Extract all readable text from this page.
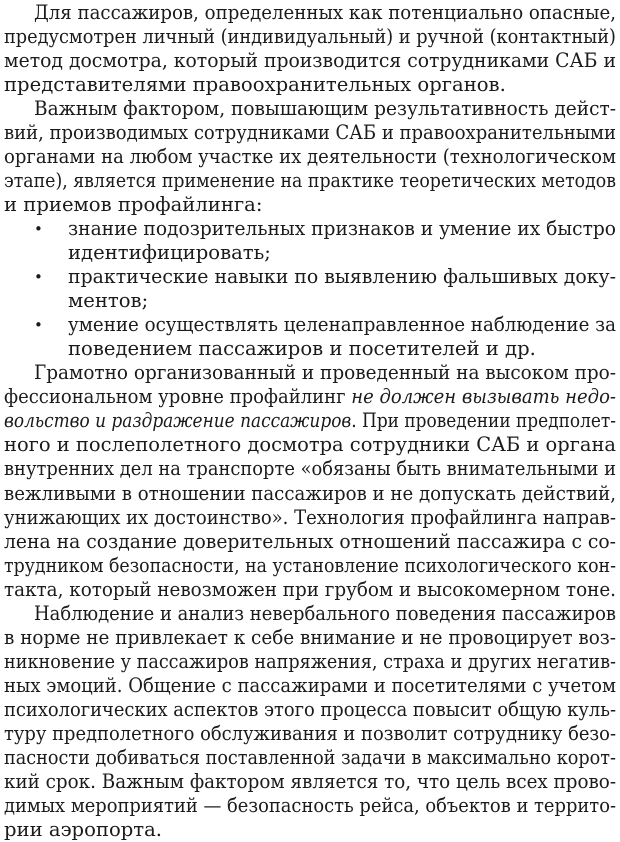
Для пассажиров, определенных как потенциально опасные,
предусмотрен личный (индивидуальный) и ручной (контактный)
метод досмотра, который производится сотрудниками САБ и
представителями правоохранительных органов.
Важным фактором, повышающим результативность дейст-
вий, производимых сотрудниками САБ и правоохранительными
органами на любом участке их деятельности (технологическом
этапе), является применение на практике теоретических методов
и приемов профайлинга:
• знание подозрительных признаков и умение их быстро
идентифицировать;
• практические навыки по выявлению фальшивых доку-
ментов;
• умение осуществлять целенаправленное наблюдение за
поведением пассажиров и посетителей и др.
Грамотно организованный и проведенный на высоком про-
фессиональном уровне профайлинг не должен вызывать недо-
вольство и раздражение пассажиров. При проведении предполет-
ного и послеполетного досмотра сотрудники САБ и органа
внутренних дел на транспорте «обязаны быть внимательными и
вежливыми в отношении пассажиров и не допускать действий,
унижающих их достоинство». Технология профайлинга направ-
лена на создание доверительных отношений пассажира с со-
трудником безопасности, на установление психологического кон-
такта, который невозможен при грубом и высокомерном тоне.
Наблюдение и анализ невербального поведения пассажиров
в норме не привлекает к себе внимание и не провоцирует воз-
никновение у пассажиров напряжения, страха и других негатив-
ных эмоций. Общение с пассажирами и посетителями с учетом
психологических аспектов этого процесса повысит общую куль-
туру предполетного обслуживания и позволит сотруднику безо-
пасности добиваться поставленной задачи в максимально корот-
кий срок. Важным фактором является то, что цель всех прово-
димых мероприятий — безопасность рейса, объектов и террито-
рии аэропорта.
